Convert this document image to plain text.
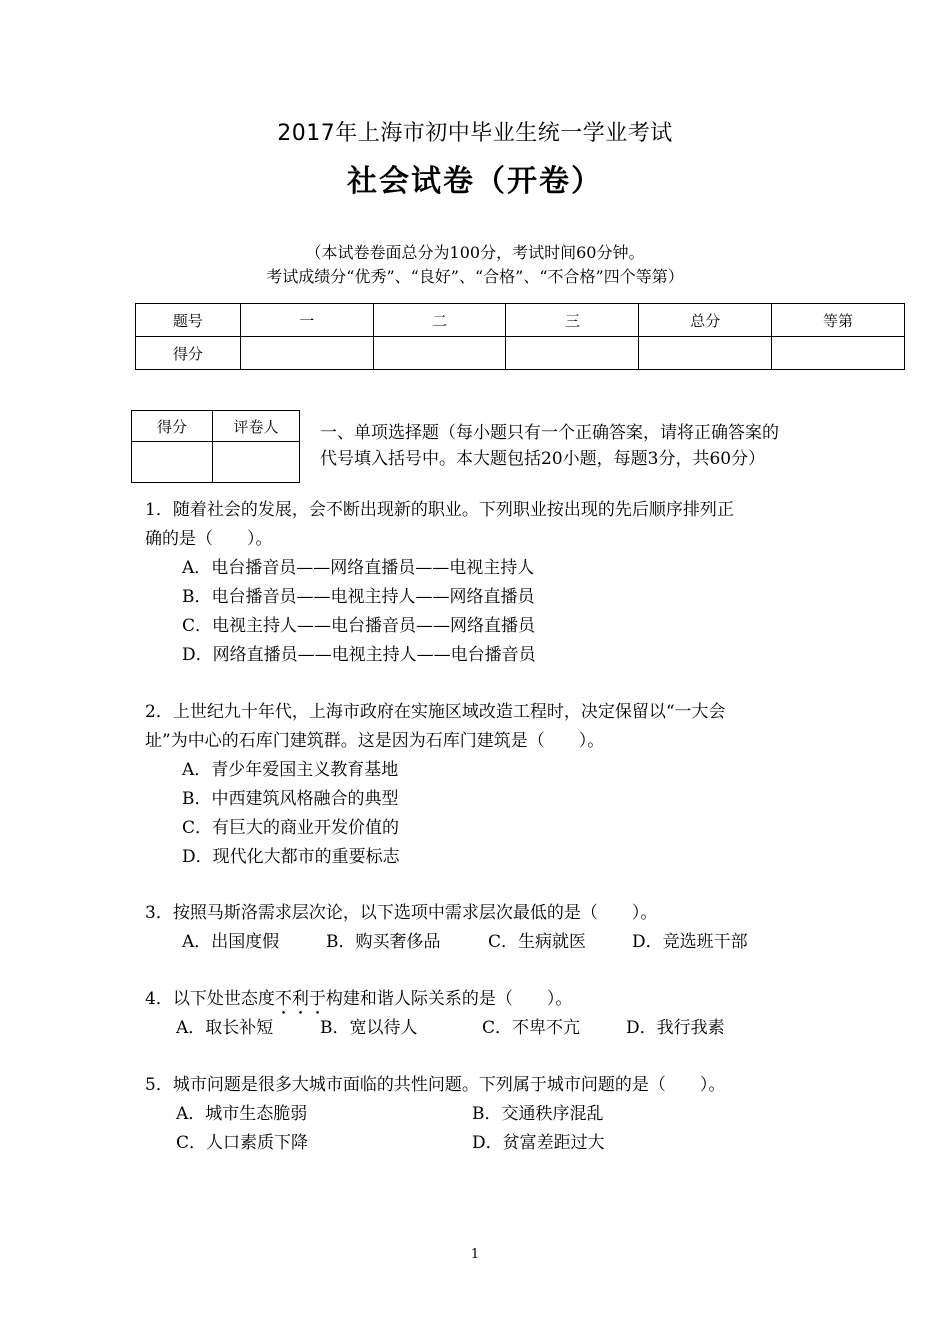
2017年上海市初中毕业生统一学业考试
社会试卷（开卷）
（本试卷卷面总分为100分，考试时间60分钟。
考试成绩分“优秀”、“良好”、“合格”、“不合格”四个等第）
题号	一	二	三	总分	等第
得分					
得分	评卷人
	一、单项选择题（每小题只有一个正确答案，请将正确答案的
代号填入括号中。本大题包括20小题，每题3分，共60分）
1．随着社会的发展，会不断出现新的职业。下列职业按出现的先后顺序排列正
确的是（　　）。
A．电台播音员——网络直播员——电视主持人
B．电台播音员——电视主持人——网络直播员
C．电视主持人——电台播音员——网络直播员
D．网络直播员——电视主持人——电台播音员
2．上世纪九十年代，上海市政府在实施区域改造工程时，决定保留以“一大会
址”为中心的石库门建筑群。这是因为石库门建筑是（　　）。
A．青少年爱国主义教育基地
B．中西建筑风格融合的典型
C．有巨大的商业开发价值的
D．现代化大都市的重要标志
3．按照马斯洛需求层次论，以下选项中需求层次最低的是（　　）。
A．出国度假	B．购买奢侈品	C．生病就医	D．竞选班干部
4．以下处世态度不利于构建和谐人际关系的是（　　）。
A．取长补短	B．宽以待人	C．不卑不亢	D．我行我素
5．城市问题是很多大城市面临的共性问题。下列属于城市问题的是（　　）。
A．城市生态脆弱	B．交通秩序混乱
C．人口素质下降	D．贫富差距过大
1
